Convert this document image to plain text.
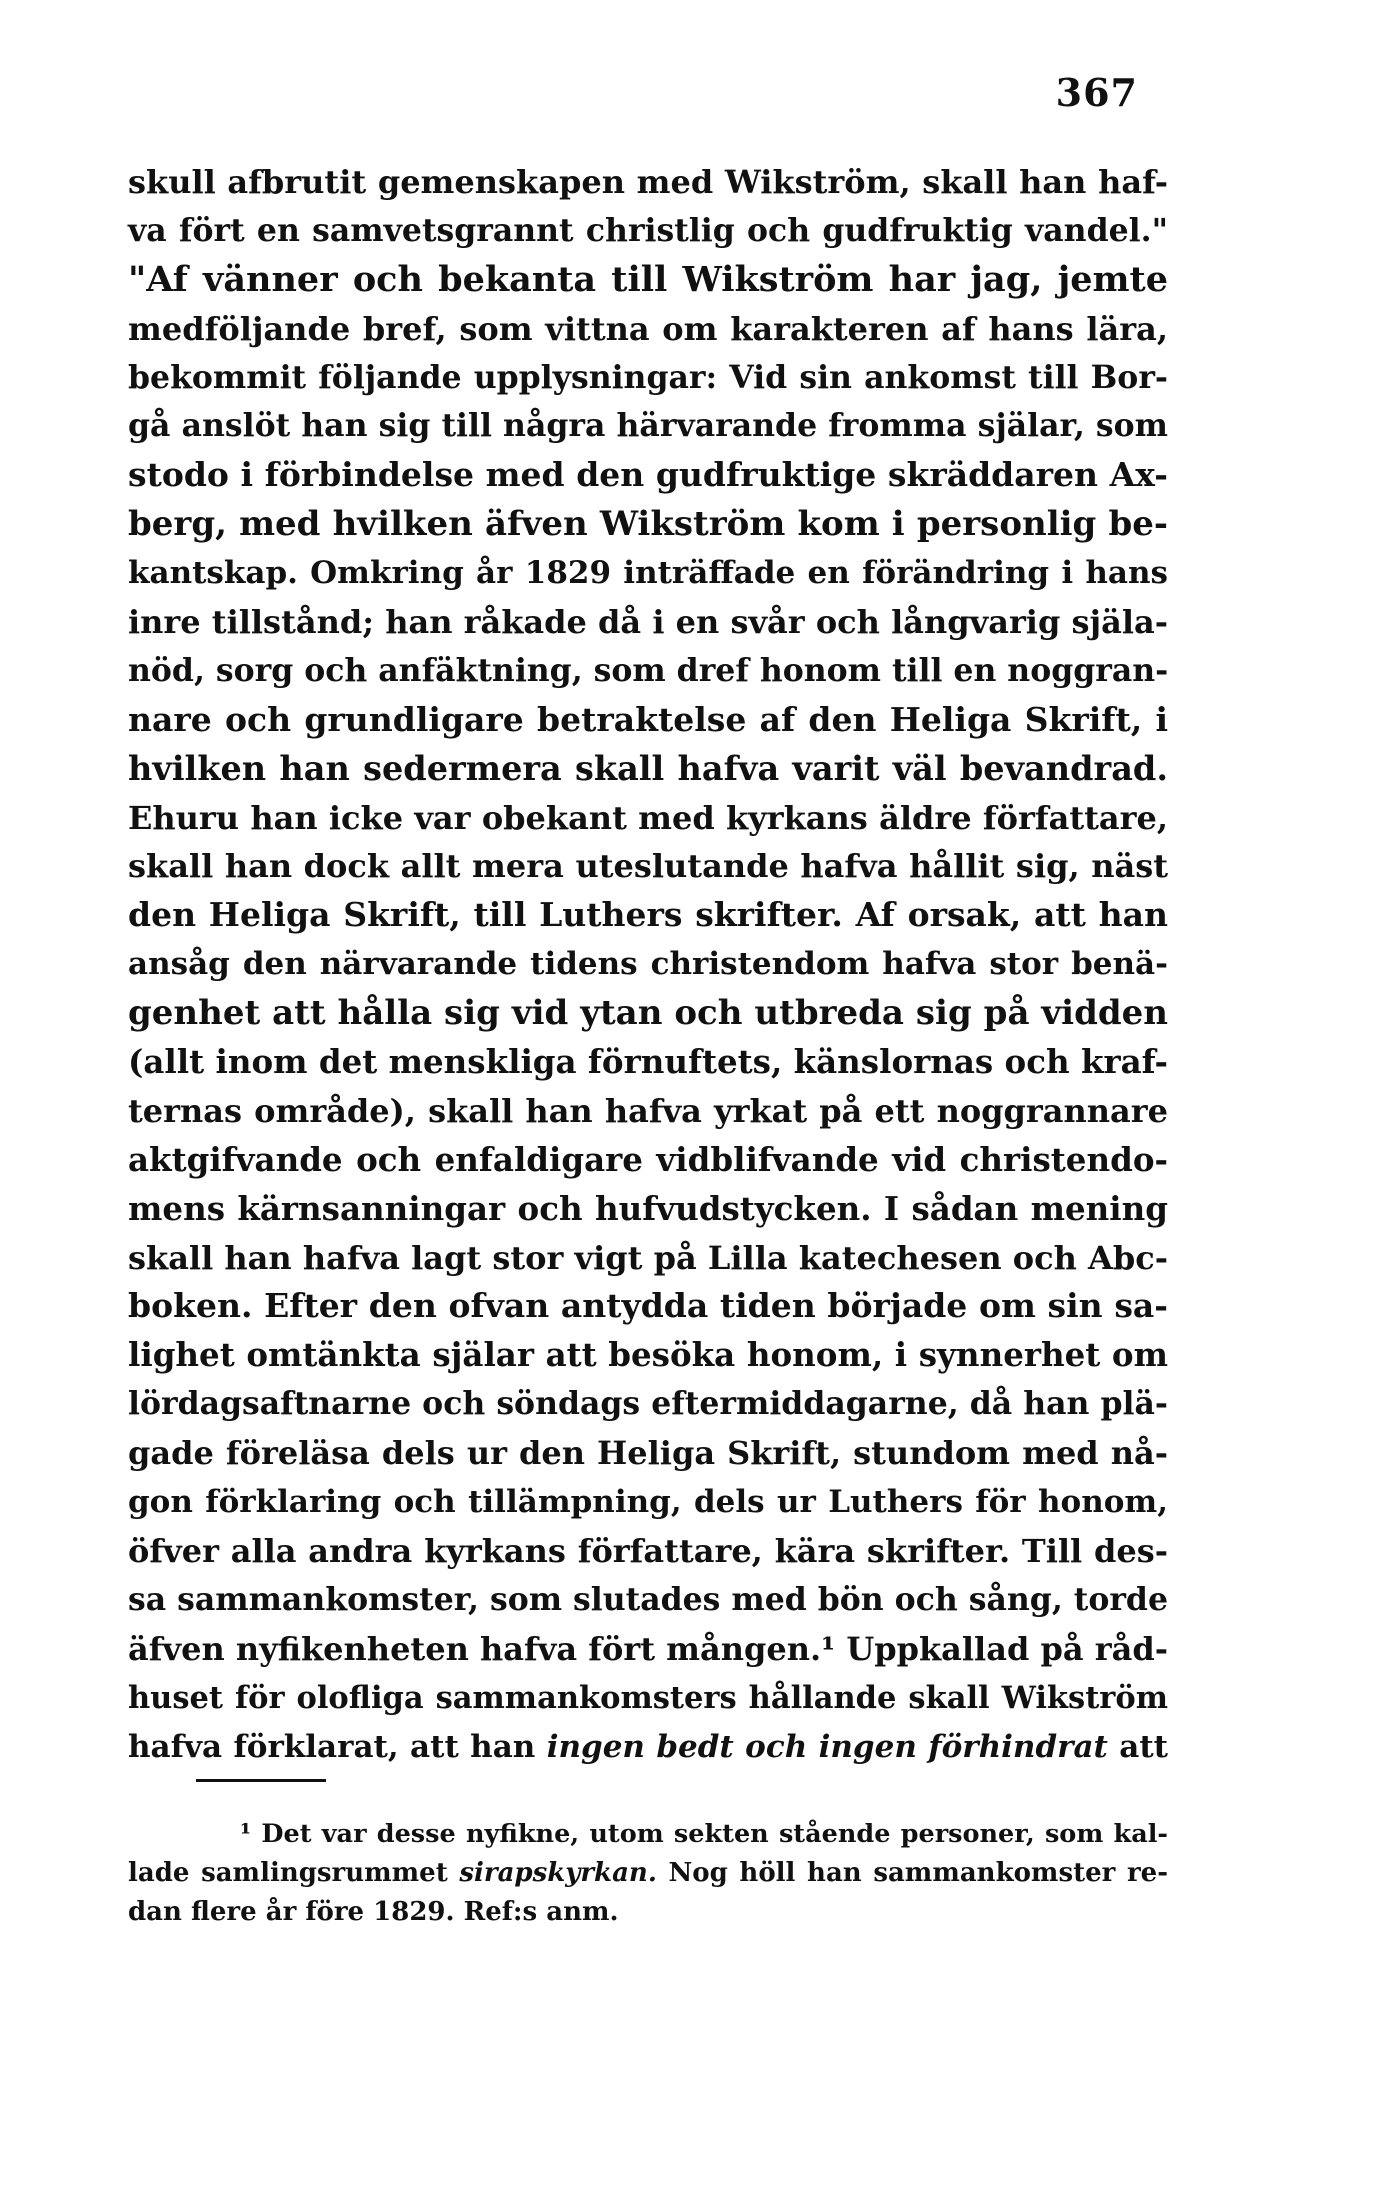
367
skull afbrutit gemenskapen med Wikström, skall han haf-
va fört en samvetsgrannt christlig och gudfruktig vandel."
"Af vänner och bekanta till Wikström har jag, jemte
medföljande bref, som vittna om karakteren af hans lära,
bekommit följande upplysningar: Vid sin ankomst till Bor-
gå anslöt han sig till några härvarande fromma själar, som
stodo i förbindelse med den gudfruktige skräddaren Ax-
berg, med hvilken äfven Wikström kom i personlig be-
kantskap. Omkring år 1829 inträffade en förändring i hans
inre tillstånd; han råkade då i en svår och långvarig själa-
nöd, sorg och anfäktning, som dref honom till en noggran-
nare och grundligare betraktelse af den Heliga Skrift, i
hvilken han sedermera skall hafva varit väl bevandrad.
Ehuru han icke var obekant med kyrkans äldre författare,
skall han dock allt mera uteslutande hafva hållit sig, näst
den Heliga Skrift, till Luthers skrifter. Af orsak, att han
ansåg den närvarande tidens christendom hafva stor benä-
genhet att hålla sig vid ytan och utbreda sig på vidden
(allt inom det menskliga förnuftets, känslornas och kraf-
ternas område), skall han hafva yrkat på ett noggrannare
aktgifvande och enfaldigare vidblifvande vid christendo-
mens kärnsanningar och hufvudstycken. I sådan mening
skall han hafva lagt stor vigt på Lilla katechesen och Abc-
boken. Efter den ofvan antydda tiden började om sin sa-
lighet omtänkta själar att besöka honom, i synnerhet om
lördagsaftnarne och söndags eftermiddagarne, då han plä-
gade föreläsa dels ur den Heliga Skrift, stundom med nå-
gon förklaring och tillämpning, dels ur Luthers för honom,
öfver alla andra kyrkans författare, kära skrifter. Till des-
sa sammankomster, som slutades med bön och sång, torde
äfven nyfikenheten hafva fört mången.¹ Uppkallad på råd-
huset för olofliga sammankomsters hållande skall Wikström
hafva förklarat, att han ingen bedt och ingen förhindrat att
¹ Det var desse nyfikne, utom sekten stående personer, som kal-
lade samlingsrummet sirapskyrkan. Nog höll han sammankomster re-
dan flere år före 1829. Ref:s anm.
